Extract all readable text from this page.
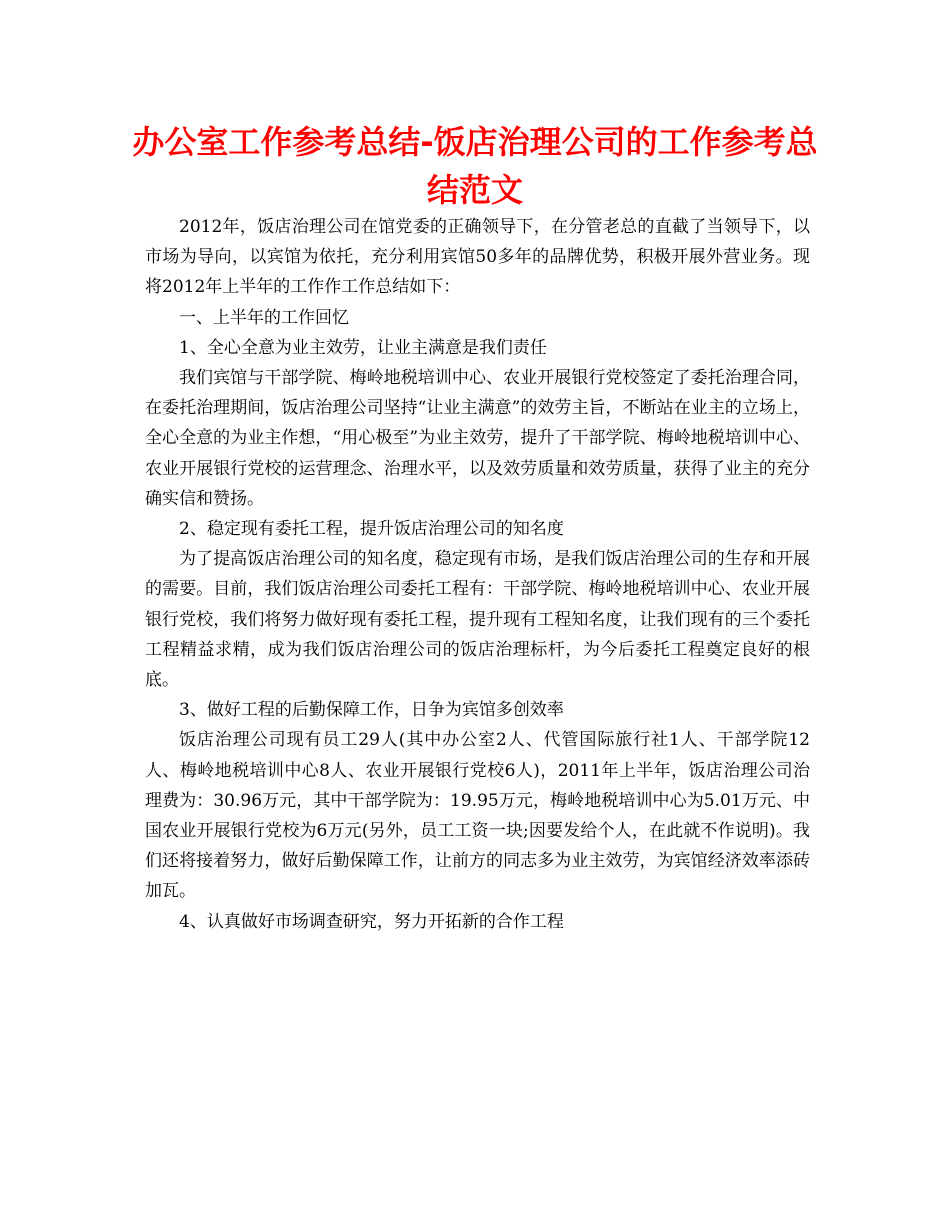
办公室工作参考总结-饭店治理公司的工作参考总结范文

2012年，饭店治理公司在馆党委的正确领导下，在分管老总的直截了当领导下，以市场为导向，以宾馆为依托，充分利用宾馆50多年的品牌优势，积极开展外营业务。现将2012年上半年的工作作工作总结如下：

一、上半年的工作回忆

1、全心全意为业主效劳，让业主满意是我们责任

我们宾馆与干部学院、梅岭地税培训中心、农业开展银行党校签定了委托治理合同，在委托治理期间，饭店治理公司坚持“让业主满意”的效劳主旨，不断站在业主的立场上，全心全意的为业主作想，“用心极至”为业主效劳，提升了干部学院、梅岭地税培训中心、农业开展银行党校的运营理念、治理水平，以及效劳质量和效劳质量，获得了业主的充分确实信和赞扬。

2、稳定现有委托工程，提升饭店治理公司的知名度

为了提高饭店治理公司的知名度，稳定现有市场，是我们饭店治理公司的生存和开展的需要。目前，我们饭店治理公司委托工程有：干部学院、梅岭地税培训中心、农业开展银行党校，我们将努力做好现有委托工程，提升现有工程知名度，让我们现有的三个委托工程精益求精，成为我们饭店治理公司的饭店治理标杆，为今后委托工程奠定良好的根底。

3、做好工程的后勤保障工作，日争为宾馆多创效率

饭店治理公司现有员工29人(其中办公室2人、代管国际旅行社1人、干部学院12人、梅岭地税培训中心8人、农业开展银行党校6人)，2011年上半年，饭店治理公司治理费为：30.96万元，其中干部学院为：19.95万元，梅岭地税培训中心为5.01万元、中国农业开展银行党校为6万元(另外，员工工资一块;因要发给个人，在此就不作说明)。我们还将接着努力，做好后勤保障工作，让前方的同志多为业主效劳，为宾馆经济效率添砖加瓦。

4、认真做好市场调查研究，努力开拓新的合作工程
